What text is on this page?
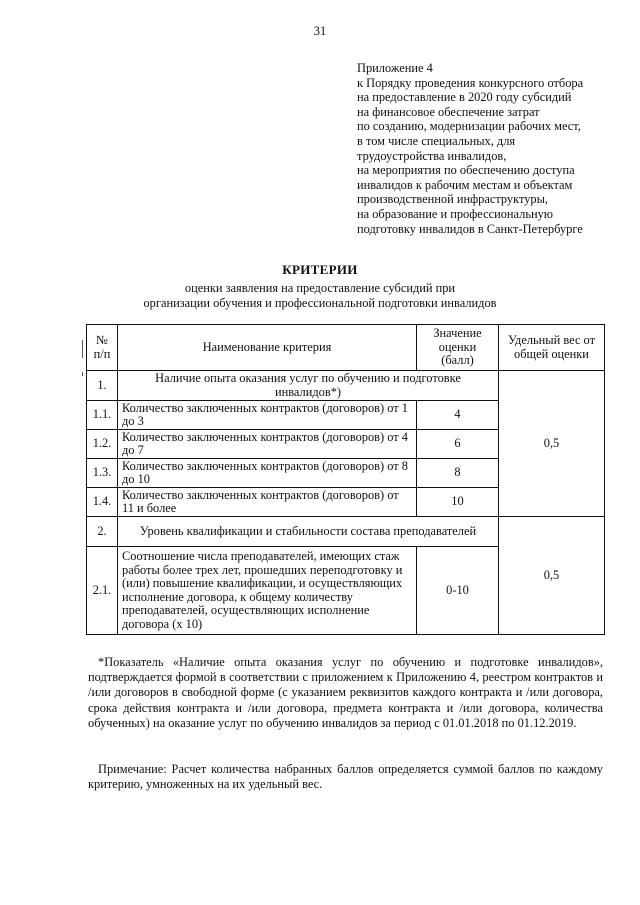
31
Приложение 4
к Порядку проведения конкурсного отбора
на предоставление в 2020 году субсидий
на финансовое обеспечение затрат
по созданию, модернизации рабочих мест,
в том числе специальных, для
трудоустройства инвалидов,
на мероприятия по обеспечению доступа
инвалидов к рабочим местам и объектам
производственной инфраструктуры,
на образование и профессиональную
подготовку инвалидов в Санкт-Петербурге
КРИТЕРИИ
оценки заявления на предоставление субсидий при
организации обучения и профессиональной подготовки инвалидов
№ п/п	Наименование критерия	Значение оценки (балл)	Удельный вес от общей оценки
1.	Наличие опыта оказания услуг по обучению и подготовке инвалидов*)		0,5
1.1.	Количество заключенных контрактов (договоров) от 1 до 3	4	
1.2.	Количество заключенных контрактов (договоров) от 4 до 7	6	
1.3.	Количество заключенных контрактов (договоров) от 8 до 10	8	
1.4.	Количество заключенных контрактов (договоров) от 11 и более	10	
2.	Уровень квалификации и стабильности состава преподавателей		0,5
2.1.	Соотношение числа преподавателей, имеющих стаж работы более трех лет, прошедших переподготовку и (или) повышение квалификации, и осуществляющих исполнение договора, к общему количеству преподавателей, осуществляющих исполнение договора (x 10)	0-10	
*Показатель «Наличие опыта оказания услуг по обучению и подготовке инвалидов», подтверждается формой в соответствии с приложением к Приложению 4, реестром контрактов и /или договоров в свободной форме (с указанием реквизитов каждого контракта и /или договора, срока действия контракта и /или договора, предмета контракта и /или договора, количества обученных) на оказание услуг по обучению инвалидов за период с 01.01.2018 по 01.12.2019.
Примечание: Расчет количества набранных баллов определяется суммой баллов по каждому критерию, умноженных на их удельный вес.
